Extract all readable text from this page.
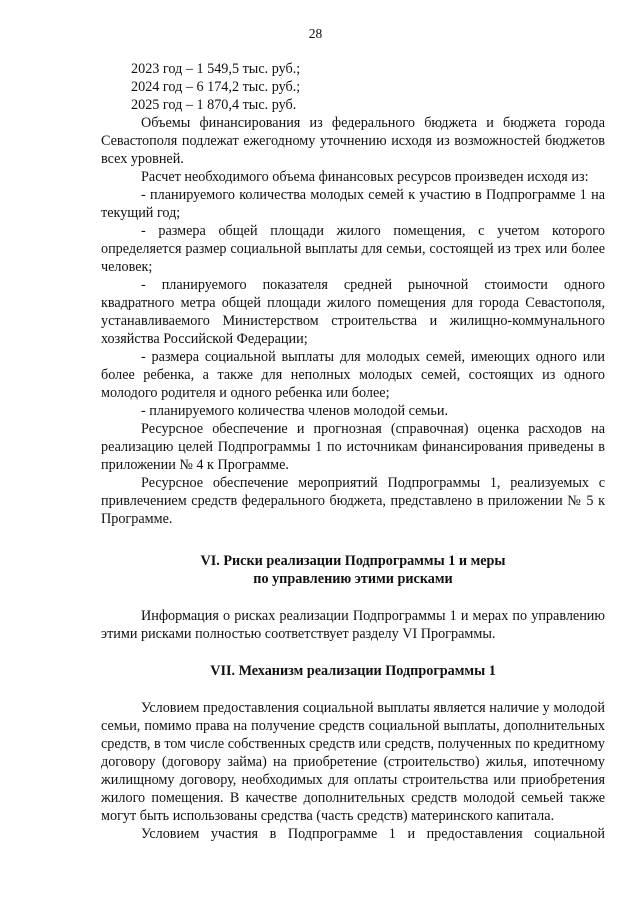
28

2023 год – 1 549,5 тыс. руб.;

2024 год – 6 174,2 тыс. руб.;

2025 год – 1 870,4 тыс. руб.

Объемы финансирования из федерального бюджета и бюджета города Севастополя подлежат ежегодному уточнению исходя из возможностей бюджетов всех уровней.

Расчет необходимого объема финансовых ресурсов произведен исходя из:

- планируемого количества молодых семей к участию в Подпрограмме 1 на текущий год;

- размера общей площади жилого помещения, с учетом которого определяется размер социальной выплаты для семьи, состоящей из трех или более человек;

- планируемого показателя средней рыночной стоимости одного квадратного метра общей площади жилого помещения для города Севастополя, устанавливаемого Министерством строительства и жилищно-коммунального хозяйства Российской Федерации;

- размера социальной выплаты для молодых семей, имеющих одного или более ребенка, а также для неполных молодых семей, состоящих из одного молодого родителя и одного ребенка или более;

- планируемого количества членов молодой семьи.

Ресурсное обеспечение и прогнозная (справочная) оценка расходов на реализацию целей Подпрограммы 1 по источникам финансирования приведены в приложении № 4 к Программе.

Ресурсное обеспечение мероприятий Подпрограммы 1, реализуемых с привлечением средств федерального бюджета, представлено в приложении № 5 к Программе.

VI. Риски реализации Подпрограммы 1 и меры
по управлению этими рисками

Информация о рисках реализации Подпрограммы 1 и мерах по управлению этими рисками полностью соответствует разделу VI Программы.

VII. Механизм реализации Подпрограммы 1

Условием предоставления социальной выплаты является наличие у молодой семьи, помимо права на получение средств социальной выплаты, дополнительных средств, в том числе собственных средств или средств, полученных по кредитному договору (договору займа) на приобретение (строительство) жилья, ипотечному жилищному договору, необходимых для оплаты строительства или приобретения жилого помещения. В качестве дополнительных средств молодой семьей также могут быть использованы средства (часть средств) материнского капитала.

Условием участия в Подпрограмме 1 и предоставления социальной
